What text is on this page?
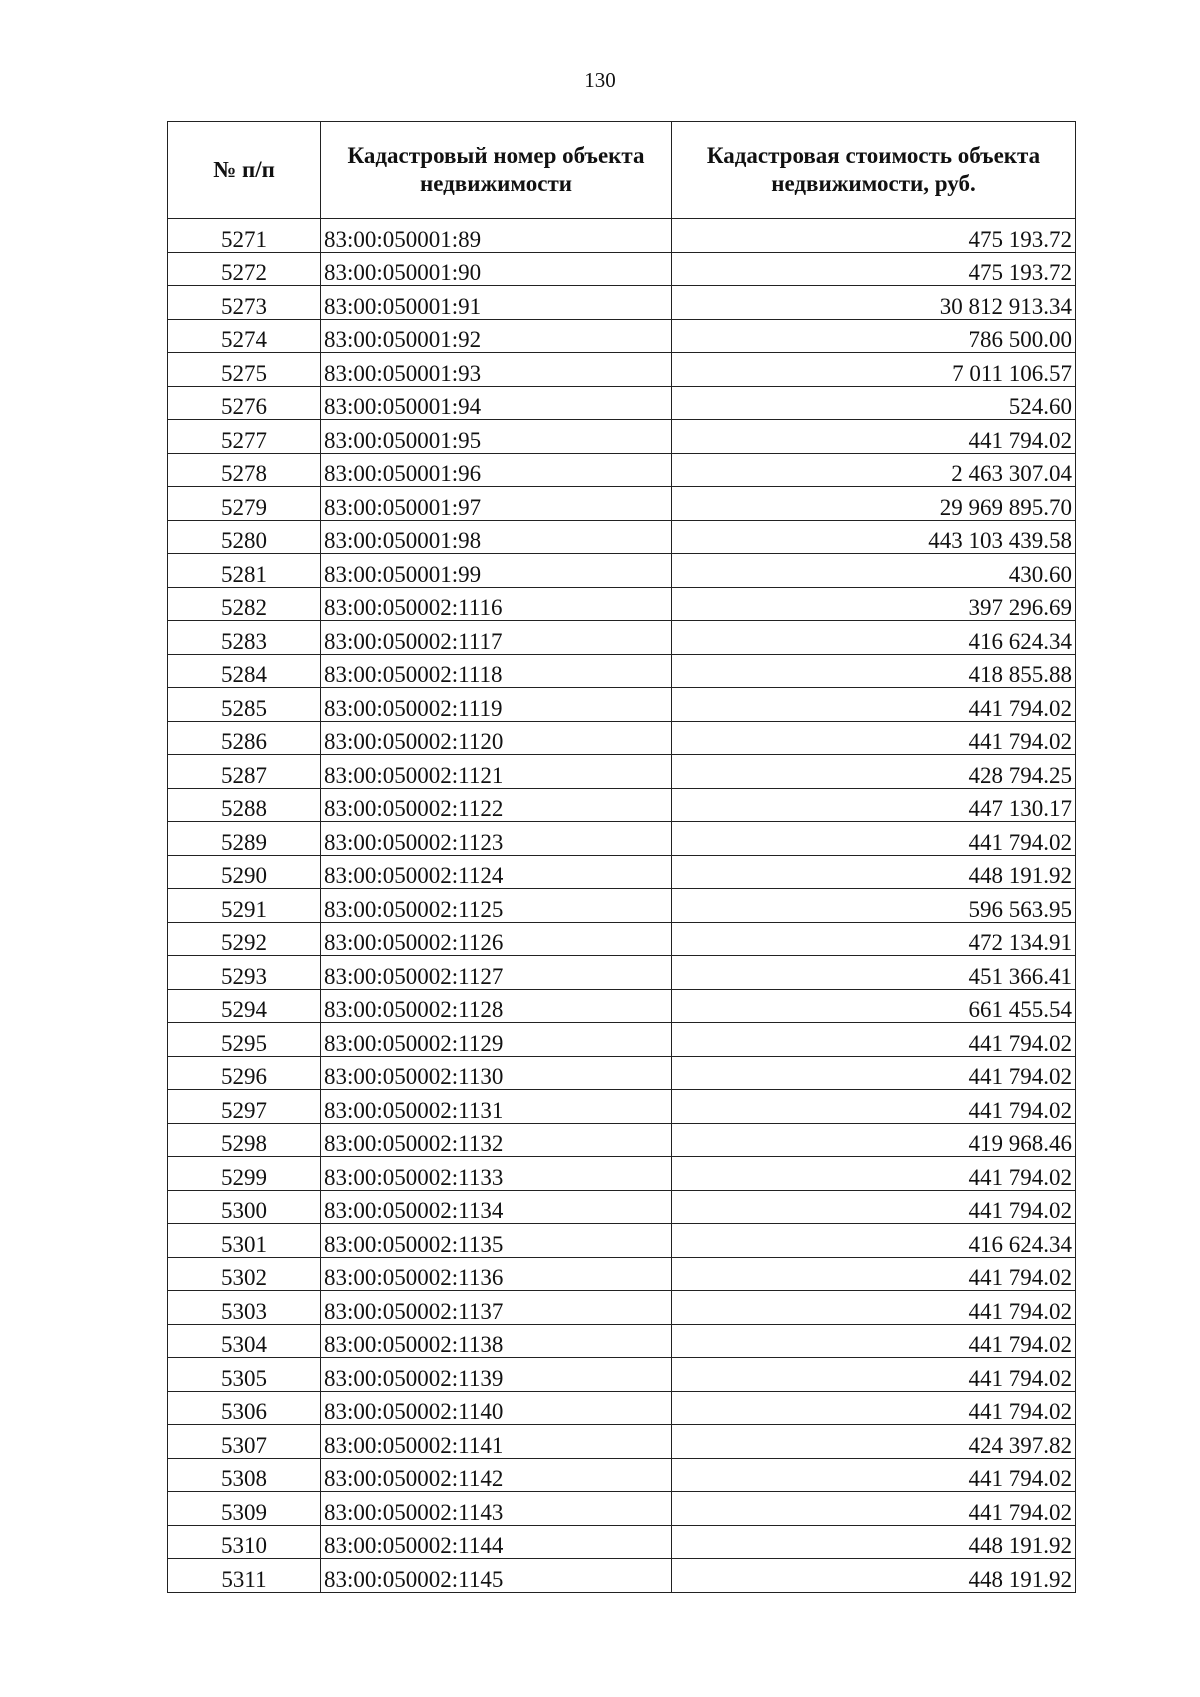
130
№ п/п	Кадастровый номер объекта недвижимости	Кадастровая стоимость объекта недвижимости, руб.
5271	83:00:050001:89	475 193.72
5272	83:00:050001:90	475 193.72
5273	83:00:050001:91	30 812 913.34
5274	83:00:050001:92	786 500.00
5275	83:00:050001:93	7 011 106.57
5276	83:00:050001:94	524.60
5277	83:00:050001:95	441 794.02
5278	83:00:050001:96	2 463 307.04
5279	83:00:050001:97	29 969 895.70
5280	83:00:050001:98	443 103 439.58
5281	83:00:050001:99	430.60
5282	83:00:050002:1116	397 296.69
5283	83:00:050002:1117	416 624.34
5284	83:00:050002:1118	418 855.88
5285	83:00:050002:1119	441 794.02
5286	83:00:050002:1120	441 794.02
5287	83:00:050002:1121	428 794.25
5288	83:00:050002:1122	447 130.17
5289	83:00:050002:1123	441 794.02
5290	83:00:050002:1124	448 191.92
5291	83:00:050002:1125	596 563.95
5292	83:00:050002:1126	472 134.91
5293	83:00:050002:1127	451 366.41
5294	83:00:050002:1128	661 455.54
5295	83:00:050002:1129	441 794.02
5296	83:00:050002:1130	441 794.02
5297	83:00:050002:1131	441 794.02
5298	83:00:050002:1132	419 968.46
5299	83:00:050002:1133	441 794.02
5300	83:00:050002:1134	441 794.02
5301	83:00:050002:1135	416 624.34
5302	83:00:050002:1136	441 794.02
5303	83:00:050002:1137	441 794.02
5304	83:00:050002:1138	441 794.02
5305	83:00:050002:1139	441 794.02
5306	83:00:050002:1140	441 794.02
5307	83:00:050002:1141	424 397.82
5308	83:00:050002:1142	441 794.02
5309	83:00:050002:1143	441 794.02
5310	83:00:050002:1144	448 191.92
5311	83:00:050002:1145	448 191.92
